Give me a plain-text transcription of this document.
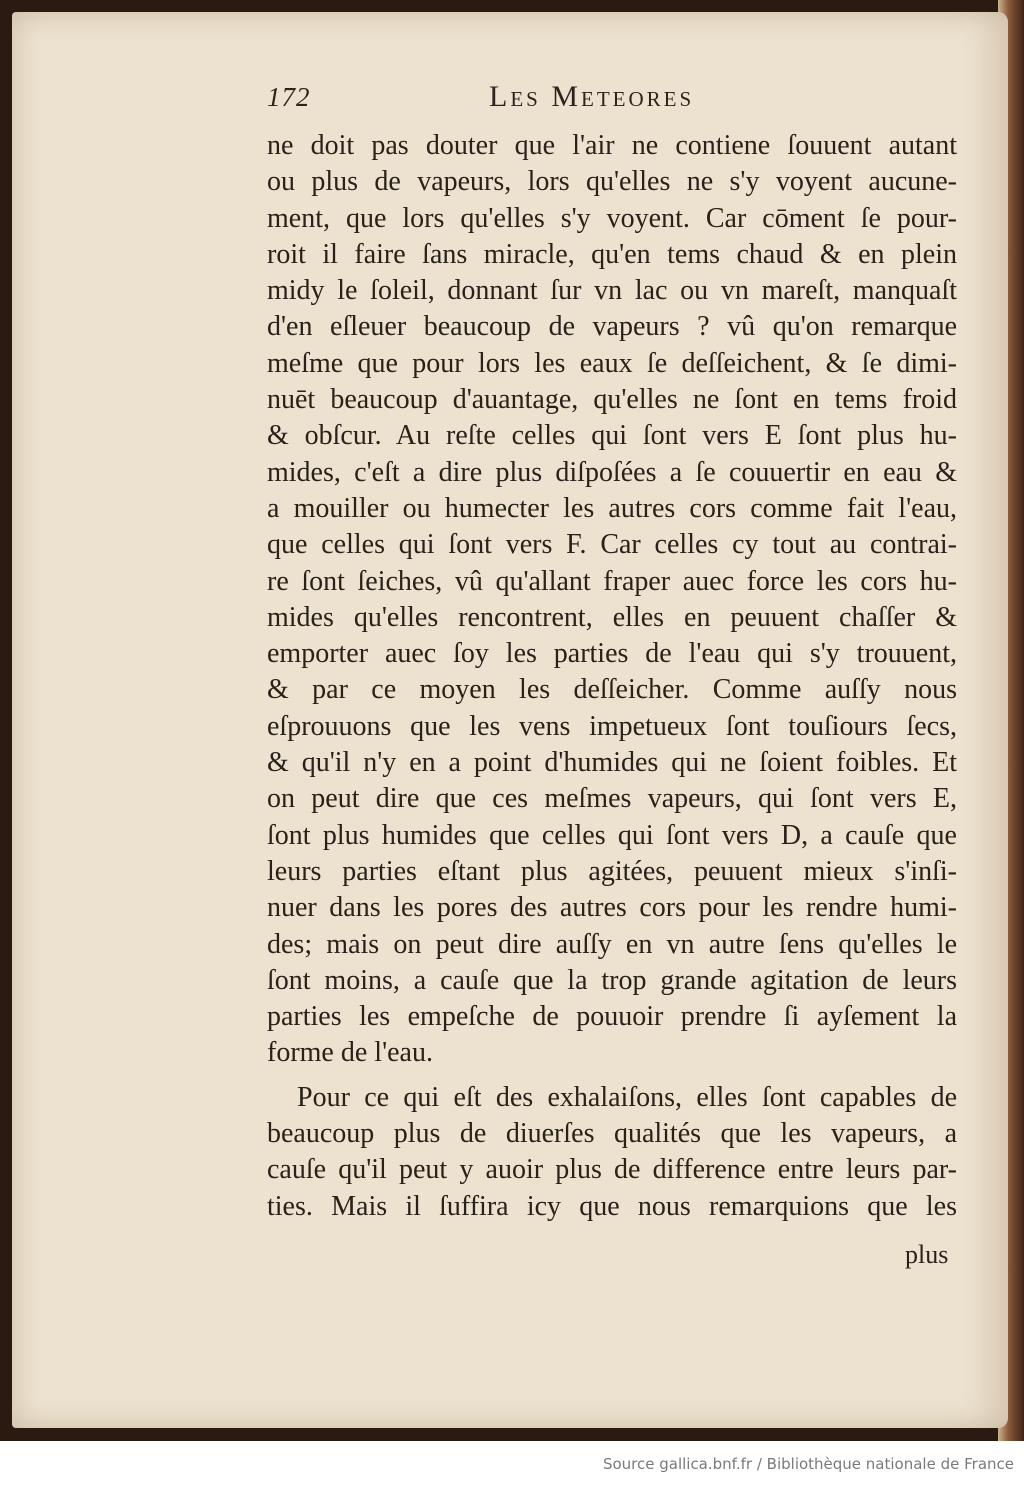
172	Les Meteores
ne doit pas douter que l'air ne contiene ſouuent autant
ou plus de vapeurs, lors qu'elles ne s'y voyent aucune-
ment, que lors qu'elles s'y voyent. Car cōment ſe pour-
roit il faire ſans miracle, qu'en tems chaud & en plein
midy le ſoleil, donnant ſur vn lac ou vn mareſt, manquaſt
d'en eſleuer beaucoup de vapeurs ? vû qu'on remarque
meſme que pour lors les eaux ſe deſſeichent, & ſe dimi-
nuēt beaucoup d'auantage, qu'elles ne ſont en tems froid
& obſcur. Au reſte celles qui ſont vers E ſont plus hu-
mides, c'eſt a dire plus diſpoſées a ſe couuertir en eau &
a mouiller ou humecter les autres cors comme fait l'eau,
que celles qui ſont vers F. Car celles cy tout au contrai-
re ſont ſeiches, vû qu'allant fraper auec force les cors hu-
mides qu'elles rencontrent, elles en peuuent chaſſer &
emporter auec ſoy les parties de l'eau qui s'y trouuent,
& par ce moyen les deſſeicher. Comme auſſy nous
eſprouuons que les vens impetueux ſont touſiours ſecs,
& qu'il n'y en a point d'humides qui ne ſoient foibles. Et
on peut dire que ces meſmes vapeurs, qui ſont vers E,
ſont plus humides que celles qui ſont vers D, a cauſe que
leurs parties eſtant plus agitées, peuuent mieux s'inſi-
nuer dans les pores des autres cors pour les rendre humi-
des; mais on peut dire auſſy en vn autre ſens qu'elles le
ſont moins, a cauſe que la trop grande agitation de leurs
parties les empeſche de pouuoir prendre ſi ayſement la
forme de l'eau.
Pour ce qui eſt des exhalaiſons, elles ſont capables de
beaucoup plus de diuerſes qualités que les vapeurs, a
cauſe qu'il peut y auoir plus de difference entre leurs par-
ties. Mais il ſuffira icy que nous remarquions que les
plus
Source gallica.bnf.fr / Bibliothèque nationale de France
